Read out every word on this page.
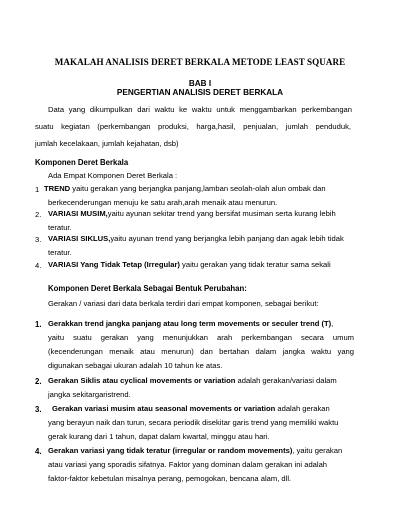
MAKALAH ANALISIS DERET BERKALA METODE LEAST SQUARE
BAB I
PENGERTIAN ANALISIS DERET BERKALA

Data yang dikumpulkan dari waktu ke waktu untuk menggambarkan perkembangan

suatu kegiatan (perkembangan produksi, harga,hasil, penjualan, jumlah penduduk,

jumlah kecelakaan, jumlah kejahatan, dsb)

Komponen Deret Berkala

Ada Empat Komponen Deret Berkala :

1 TREND yaitu gerakan yang berjangka panjang,lamban seolah-olah alun ombak dan

berkecenderungan menuju ke satu arah,arah menaik atau menurun.

2. VARIASI MUSIM,yaitu ayunan sekitar trend yang bersifat musiman serta kurang lebih

teratur.

3. VARIASI SIKLUS,yaitu ayunan trend yang berjangka lebih panjang dan agak lebih tidak

teratur.

4. VARIASI Yang Tidak Tetap (Irregular) yaitu gerakan yang tidak teratur sama sekali

Komponen Deret Berkala Sebagai Bentuk Perubahan:

Gerakan / variasi dari data berkala terdiri dari empat komponen, sebagai berikut:

1. Gerakkan trend jangka panjang atau long term movements or seculer trend (T),

yaitu suatu gerakan yang menunjukkan arah perkembangan secara umum

(kecenderungan menaik atau menurun) dan bertahan dalam jangka waktu yang

digunakan sebagai ukuran adalah 10 tahun ke atas.

2. Gerakan Siklis atau cyclical movements or variation adalah gerakan/variasi dalam

jangka sekitargaristrend.

3. Gerakan variasi musim atau seasonal movements or variation adalah gerakan

yang berayun naik dan turun, secara periodik disekitar garis trend yang memiliki waktu

gerak kurang dari 1 tahun, dapat dalam kwartal, minggu atau hari.

4. Gerakan variasi yang tidak teratur (irregular or random movements), yaitu gerakan

atau variasi yang sporadis sifatnya. Faktor yang dominan dalam gerakan ini adalah

faktor-faktor kebetulan misalnya perang, pemogokan, bencana alam, dll.
